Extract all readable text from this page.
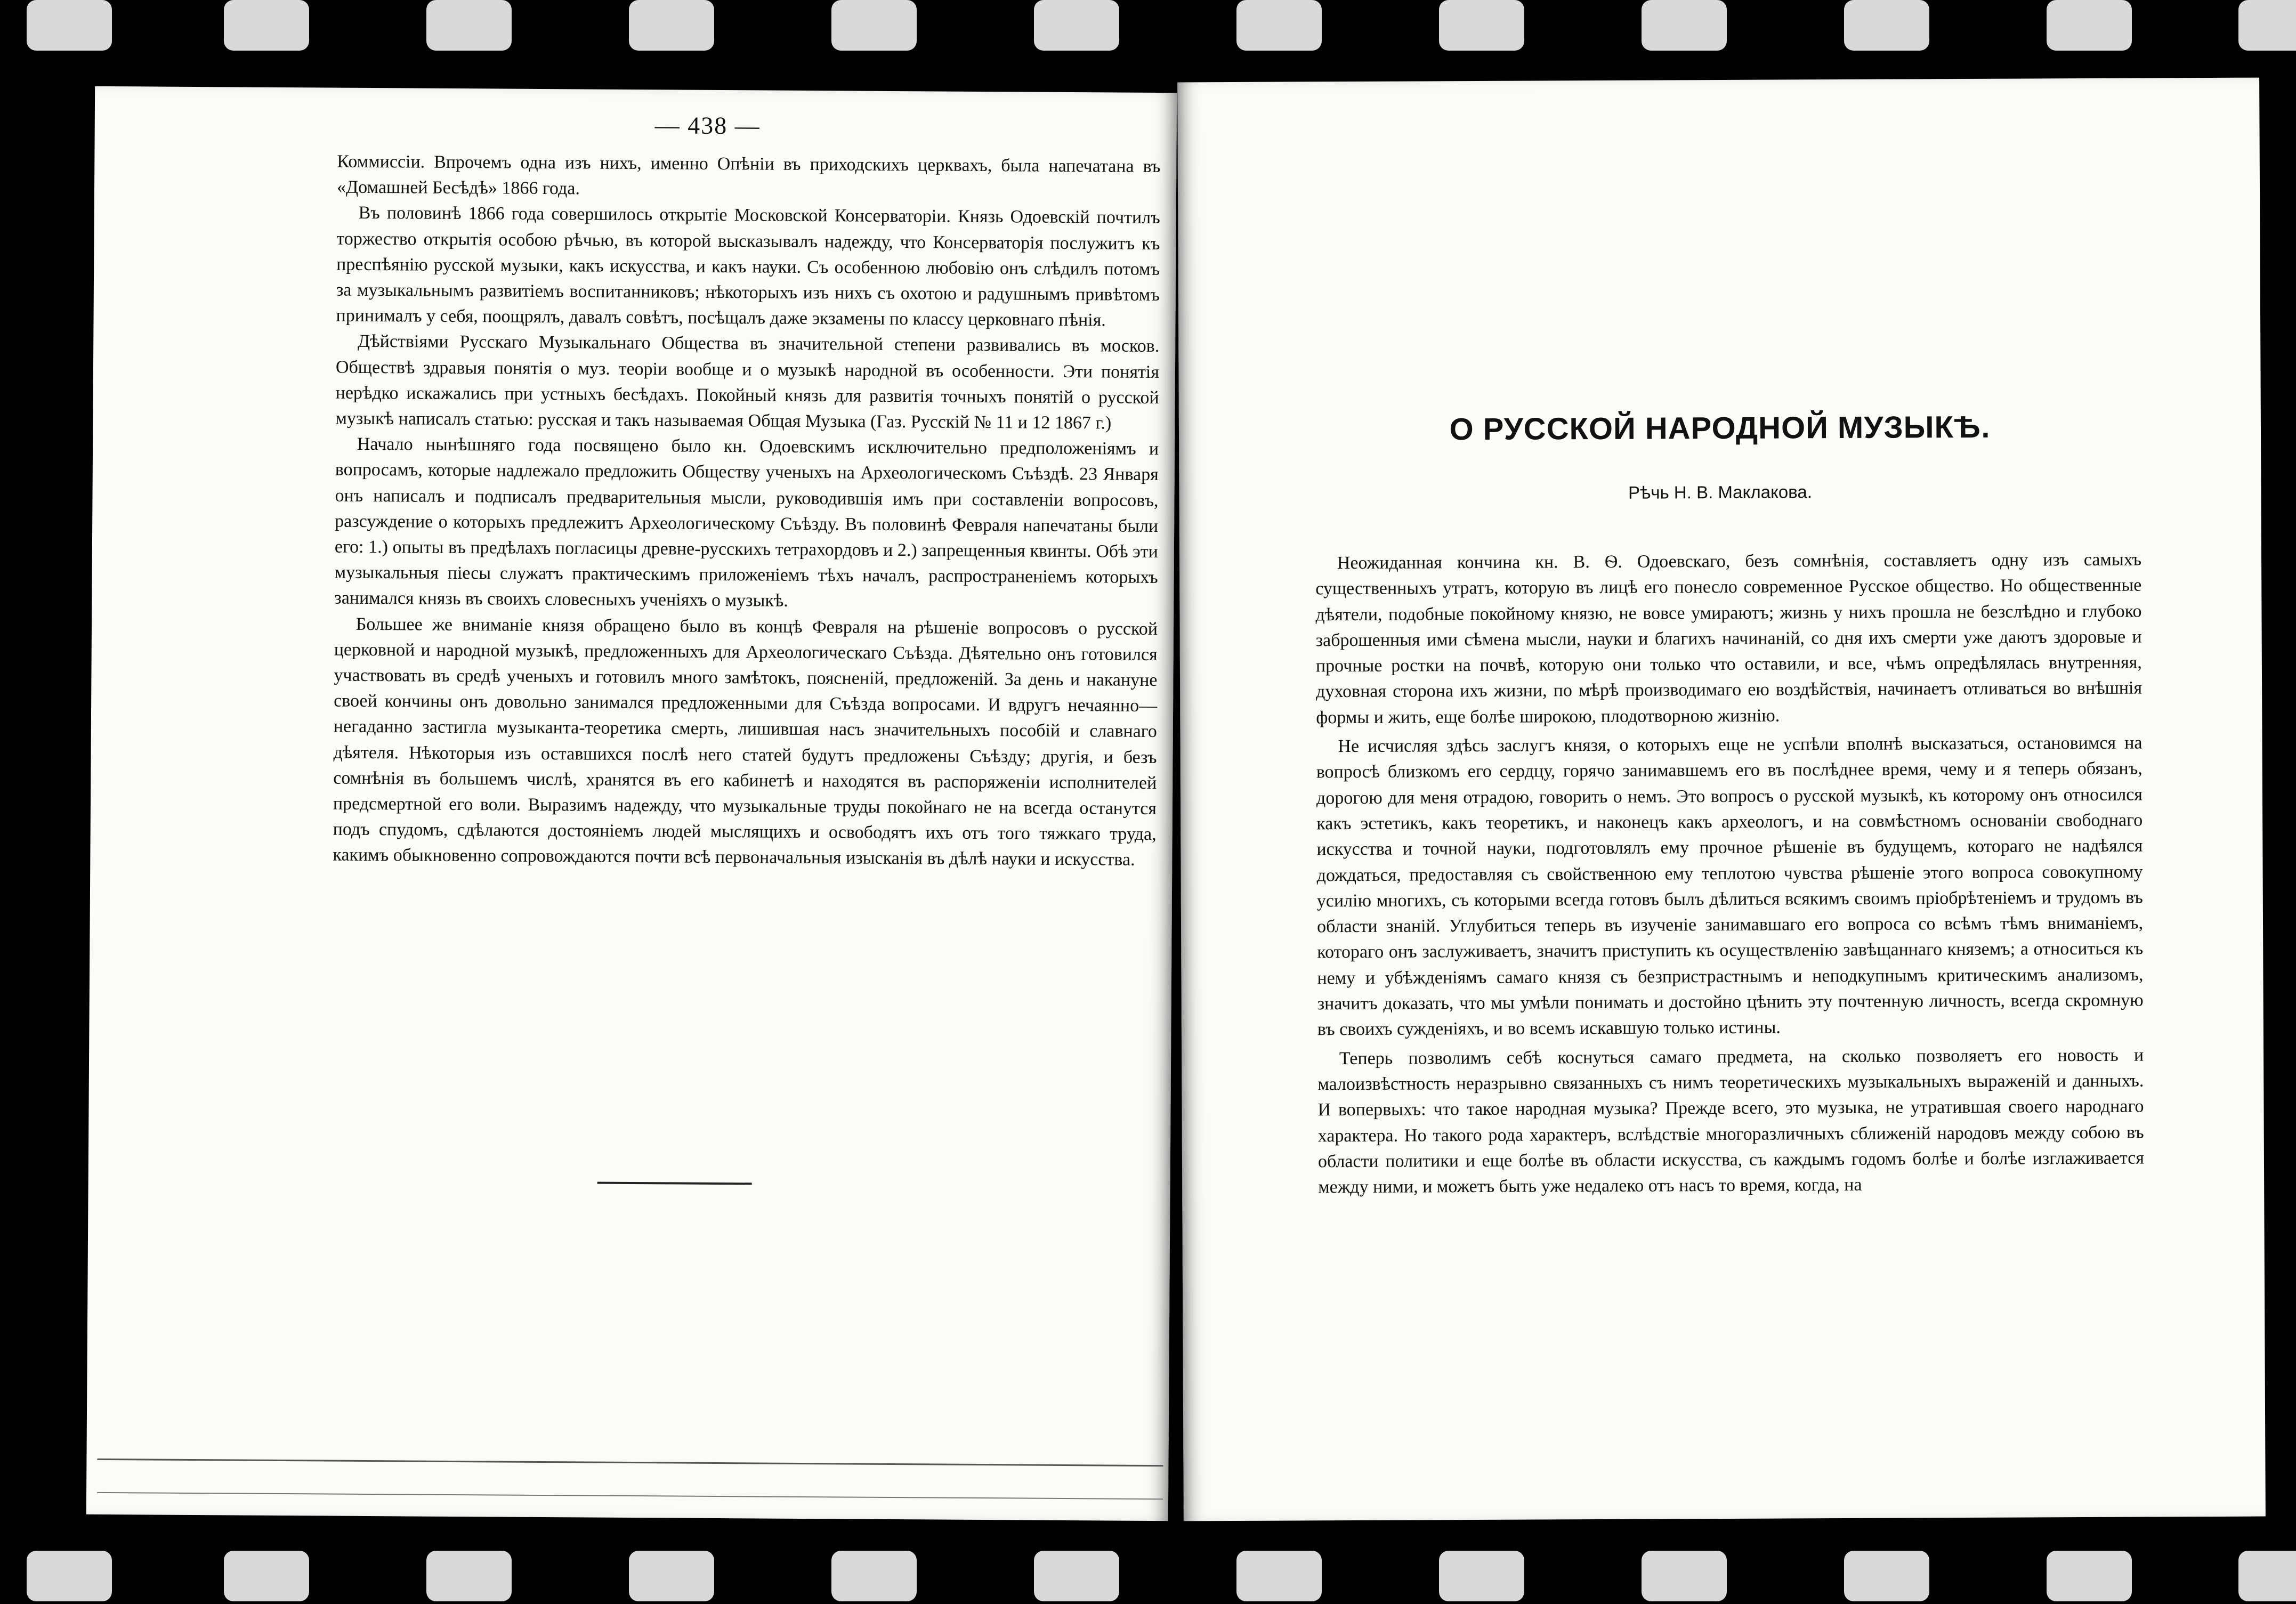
— 438 —

Коммиссіи. Впрочемъ одна изъ нихъ, именно Опѣніи въ приходскихъ церквахъ, была напечатана въ «Домашней Бесѣдѣ» 1866 года.

Въ половинѣ 1866 года совершилось открытіе Московской Консерваторіи. Князь Одоевскій почтилъ торжество открытія особою рѣчью, въ которой высказывалъ надежду, что Консерваторія послужитъ къ преспѣянію русской музыки, какъ искусства, и какъ науки. Съ особенною любовію онъ слѣдилъ потомъ за музыкальнымъ развитіемъ воспитанниковъ; нѣкоторыхъ изъ нихъ съ охотою и радушнымъ привѣтомъ принималъ у себя, поощрялъ, давалъ совѣтъ, посѣщалъ даже экзамены по классу церковнаго пѣнія.

Дѣйствіями Русскаго Музыкальнаго Общества въ значительной степени развивались въ москов. Обществѣ здравыя понятія о муз. теоріи вообще и о музыкѣ народной въ особенности. Эти понятія нерѣдко искажались при устныхъ бесѣдахъ. Покойный князь для развитія точныхъ понятій о русской музыкѣ написалъ статью: русская и такъ называемая Общая Музыка (Газ. Русскій № 11 и 12 1867 г.)

Начало нынѣшняго года посвящено было кн. Одоевскимъ исключительно предположеніямъ и вопросамъ, которые надлежало предложить Обществу ученыхъ на Археологическомъ Съѣздѣ. 23 Января онъ написалъ и подписалъ предварительныя мысли, руководившія имъ при составленіи вопросовъ, разсуждение о которыхъ предлежитъ Археологическому Съѣзду. Въ половинѣ Февраля напечатаны были его: 1.) опыты въ предѣлахъ погласицы древне-русскихъ тетрахордовъ и 2.) запрещенныя квинты. Обѣ эти музыкальныя піесы служатъ практическимъ приложеніемъ тѣхъ началъ, распространеніемъ которыхъ занимался князь въ своихъ словесныхъ ученіяхъ о музыкѣ.

Большее же вниманіе князя обращено было въ концѣ Февраля на рѣшеніе вопросовъ о русской церковной и народной музыкѣ, предложенныхъ для Археологическаго Съѣзда. Дѣятельно онъ готовился участвовать въ средѣ ученыхъ и готовилъ много замѣтокъ, поясненій, предложеній. За день и накануне своей кончины онъ довольно занимался предложенными для Съѣзда вопросами. И вдругъ нечаянно—негаданно застигла музыканта-теоретика смерть, лишившая насъ значительныхъ пособій и славнаго дѣятеля. Нѣкоторыя изъ оставшихся послѣ него статей будутъ предложены Съѣзду; другія, и безъ сомнѣнія въ большемъ числѣ, хранятся въ его кабинетѣ и находятся въ распоряженіи исполнителей предсмертной его воли. Выразимъ надежду, что музыкальные труды покойнаго не на всегда останутся подъ спудомъ, сдѣлаются достояніемъ людей мыслящихъ и освободятъ ихъ отъ того тяжкаго труда, какимъ обыкновенно сопровождаются почти всѣ первоначальныя изысканія въ дѣлѣ науки и искусства.

О РУССКОЙ НАРОДНОЙ МУЗЫКѢ.
Рѣчь Н. В. Маклакова.

Неожиданная кончина кн. В. Ѳ. Одоевскаго, безъ сомнѣнія, составляетъ одну изъ самыхъ существенныхъ утратъ, которую въ лицѣ его понесло современное Русское общество. Но общественные дѣятели, подобные покойному князю, не вовсе умираютъ; жизнь у нихъ прошла не безслѣдно и глубоко заброшенныя ими сѣмена мысли, науки и благихъ начинаній, со дня ихъ смерти уже даютъ здоровые и прочные ростки на почвѣ, которую они только что оставили, и все, чѣмъ опредѣлялась внутренняя, духовная сторона ихъ жизни, по мѣрѣ производимаго ею воздѣйствія, начинаетъ отливаться во внѣшнія формы и жить, еще болѣе широкою, плодотворною жизнію.

Не исчисляя здѣсь заслугъ князя, о которыхъ еще не успѣли вполнѣ высказаться, остановимся на вопросѣ близкомъ его сердцу, горячо занимавшемъ его въ послѣднее время, чему и я теперь обязанъ, дорогою для меня отрадою, говорить о немъ. Это вопросъ о русской музыкѣ, къ которому онъ относился какъ эстетикъ, какъ теоретикъ, и наконецъ какъ археологъ, и на совмѣстномъ основаніи свободнаго искусства и точной науки, подготовлялъ ему прочное рѣшеніе въ будущемъ, котораго не надѣялся дождаться, предоставляя съ свойственною ему теплотою чувства рѣшеніе этого вопроса совокупному усилію многихъ, съ которыми всегда готовъ былъ дѣлиться всякимъ своимъ пріобрѣтеніемъ и трудомъ въ области знаній. Углубиться теперь въ изученіе занимавшаго его вопроса со всѣмъ тѣмъ вниманіемъ, котораго онъ заслуживаетъ, значитъ приступить къ осуществленію завѣщаннаго княземъ; а относиться къ нему и убѣжденіямъ самаго князя съ безпристрастнымъ и неподкупнымъ критическимъ анализомъ, значитъ доказать, что мы умѣли понимать и достойно цѣнить эту почтенную личность, всегда скромную въ своихъ сужденіяхъ, и во всемъ искавшую только истины.

Теперь позволимъ себѣ коснуться самаго предмета, на сколько позволяетъ его новость и малоизвѣстность неразрывно связанныхъ съ нимъ теоретическихъ музыкальныхъ выраженій и данныхъ. И вопервыхъ: что такое народная музыка? Прежде всего, это музыка, не утратившая своего народнаго характера. Но такого рода характеръ, вслѣдствіе многоразличныхъ сближеній народовъ между собою въ области политики и еще болѣе въ области искусства, съ каждымъ годомъ болѣе и болѣе изглаживается между ними, и можетъ быть уже недалеко отъ насъ то время, когда, на
